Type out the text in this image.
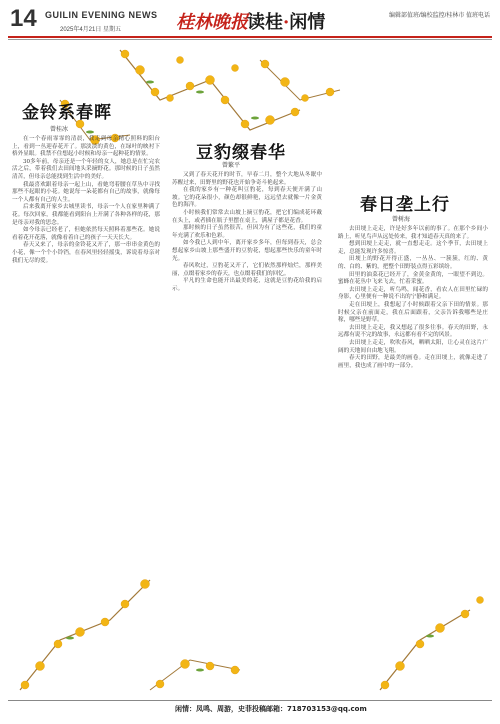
14 GUILIN EVENING NEWS
2025年4月21日 星期五	桂林晚报 读桂·闲情	编辑部值班/编校监控/桂林市 值班电话
金铃系春晖
曾桂冰

在一个春雨霏霏的清晨，我走到母亲精心照料的阳台上，看到一丛迎春花开了。那淡淡的黄色，在绿叶的映衬下格外显眼。我禁不住想起小时候和母亲一起种花的情景。

30多年前，母亲还是一个年轻的女人，她总是在忙完农活之后，带着我们去田间地头采摘野花。那时候的日子虽然清苦，但母亲总能找到生活中的美好。

我最喜欢跟着母亲一起上山，看她弯着腰在草丛中寻找那些不起眼的小花。她说每一朵花都有自己的故事，就像每一个人都有自己的人生。

后来我离开家乡去城里读书，母亲一个人在家里种满了花。每次回家，我都能看到阳台上开满了各种各样的花，那是母亲对我的思念。

如今母亲已经老了，但她依然每天照料着那些花。她说看着花开花落，就像看着自己的孩子一天天长大。

春天又来了，母亲的金铃花又开了，那一串串金黄色的小花，像一个个小铃铛，在春风里轻轻摇曳，诉说着母亲对我们无尽的爱。

豆豹缀春华
曾繁平

又到了春天花开的时节，早春二月，整个大地从冬眠中苏醒过来，田野里的野花也开始争奇斗艳起来。

在我的家乡有一种花叫豆豹花，每到春天便开满了山坡。它的花朵很小，颜色却很鲜艳，远远望去就像一片金黄色的海洋。

小时候我们常常去山坡上摘豆豹花，把它们编成花环戴在头上，或者插在瓶子里摆在桌上，满屋子都是花香。

那时候的日子虽然很苦，但因为有了这些花，我们的童年充满了欢乐和色彩。

如今我已人到中年，离开家乡多年，但每到春天，总会想起家乡山坡上那些盛开的豆豹花，想起那些快乐的童年时光。

春风吹过，豆豹花又开了，它们依然那样灿烂，那样美丽，点缀着家乡的春天，也点缀着我们的回忆。

平凡的生命也能开出最美的花，这就是豆豹花给我的启示。

春日垄上行
曾树海

去田埂上走走，许是好多年以前的事了。在那个乡间小路上，听见鸟声从远处传来，我才知道春天真的来了。

想到田埂上走走，就一直想走走。这个季节，去田埂上走，总能发现许多惊喜。

田埂上的野花开得正盛，一丛丛、一簇簇，红的、黄的、白的、紫的，把整个田野装点得五彩缤纷。

田里的油菜花已经开了，金黄金黄的，一眼望不到边。蜜蜂在花丛中飞来飞去，忙着采蜜。

去田埂上走走，听鸟鸣，闻花香，看农人在田里忙碌的身影，心里便有一种说不出的宁静和满足。

走在田埂上，我想起了小时候跟着父亲下田的情景。那时候父亲在前面走，我在后面跟着，父亲告诉我哪些是庄稼，哪些是野草。

去田埂上走走，我又想起了很多往事。春天的田野，永远都有说不完的故事，永远都有看不完的风景。

去田埂上走走，吹吹春风，晒晒太阳，让心灵在这片广阔的天地间自由地飞翔。

春天的田野，是最美的画卷。走在田埂上，就像走进了画里，我也成了画中的一部分。

闲情：凤鸣、周游，史菲投稿邮箱：718703153@qq.com
